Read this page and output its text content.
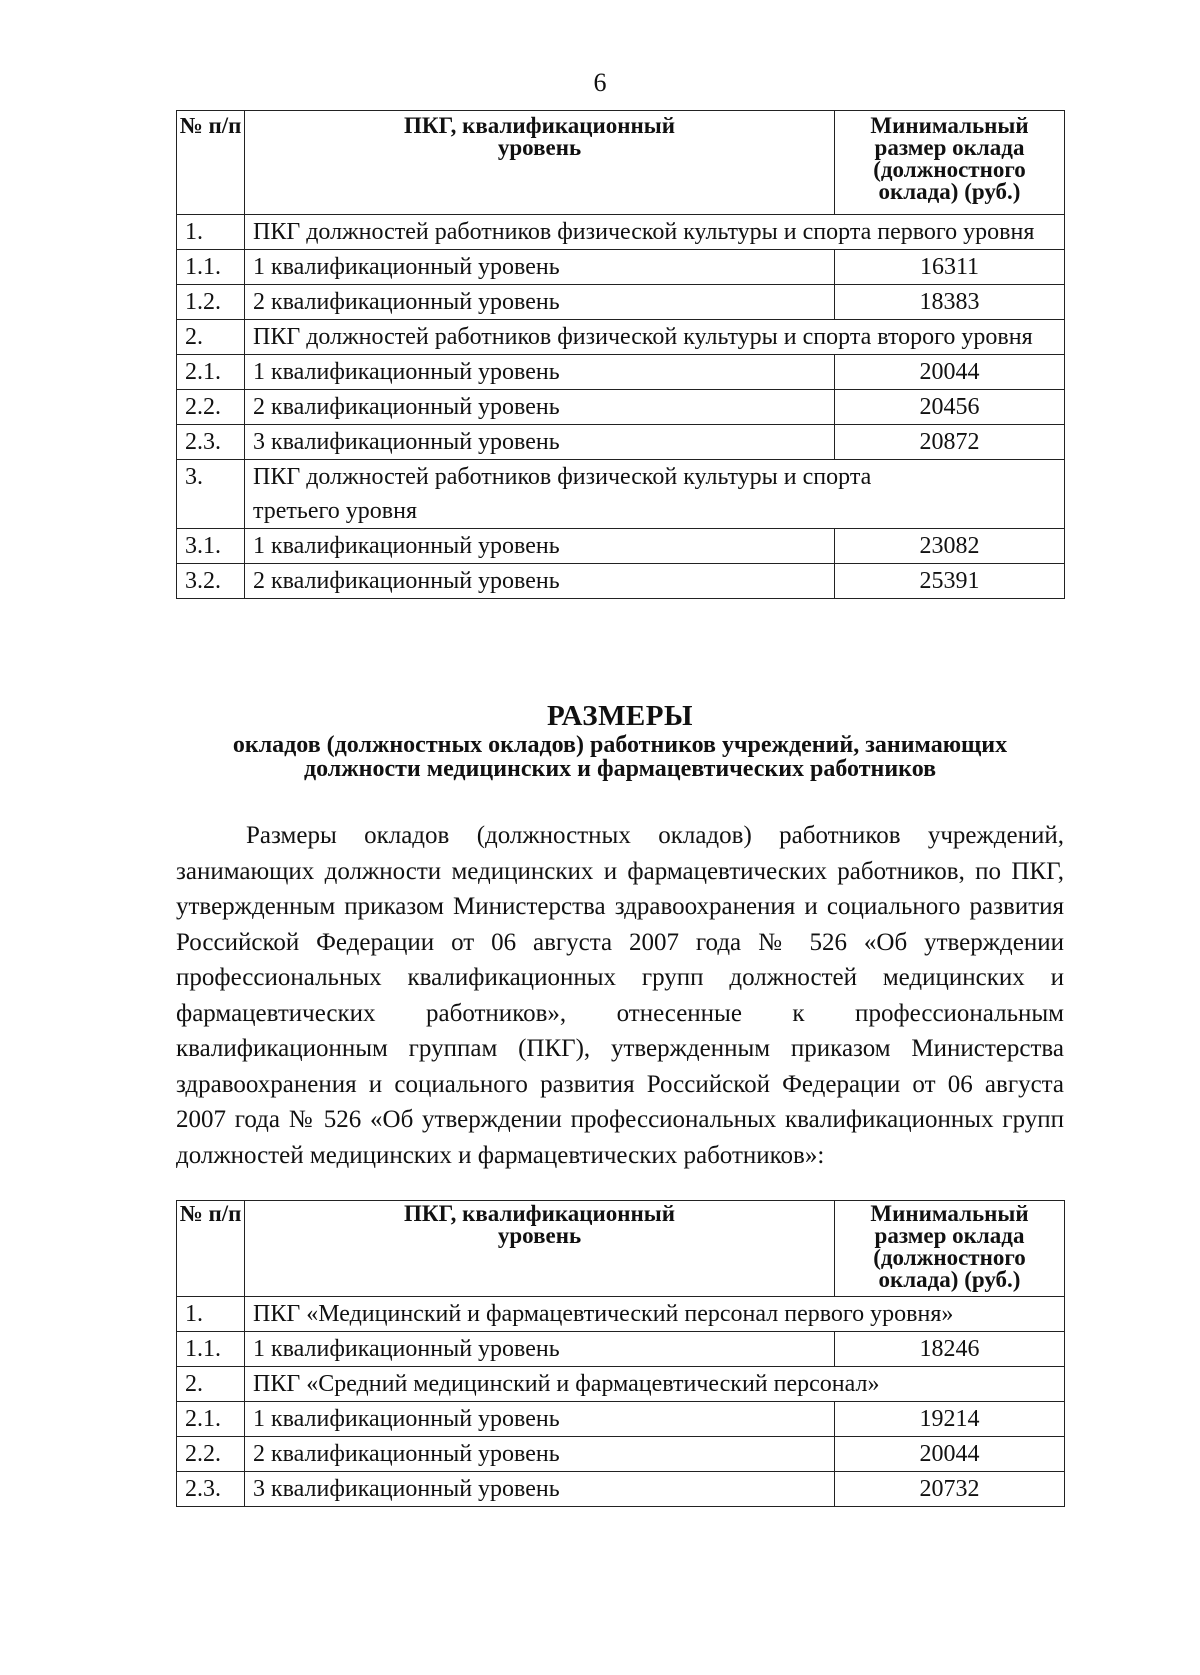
6
№ п/п	ПКГ, квалификационный уровень	Минимальный размер оклада (должностного оклада) (руб.)
1.	ПКГ должностей работников физической культуры и спорта первого уровня	
1.1.	1 квалификационный уровень	16311
1.2.	2 квалификационный уровень	18383
2.	ПКГ должностей работников физической культуры и спорта второго уровня	
2.1.	1 квалификационный уровень	20044
2.2.	2 квалификационный уровень	20456
2.3.	3 квалификационный уровень	20872
3.	ПКГ должностей работников физической культуры и спорта третьего уровня	
3.1.	1 квалификационный уровень	23082
3.2.	2 квалификационный уровень	25391
РАЗМЕРЫ
окладов (должностных окладов) работников учреждений, занимающих должности медицинских и фармацевтических работников
Размеры окладов (должностных окладов) работников учреждений, занимающих должности медицинских и фармацевтических работников, по ПКГ, утвержденным приказом Министерства здравоохранения и социального развития Российской Федерации от 06 августа 2007 года № 526 «Об утверждении профессиональных квалификационных групп должностей медицинских и фармацевтических работников», отнесенные к профессиональным квалификационным группам (ПКГ), утвержденным приказом Министерства здравоохранения и социального развития Российской Федерации от 06 августа 2007 года № 526 «Об утверждении профессиональных квалификационных групп должностей медицинских и фармацевтических работников»:
№ п/п	ПКГ, квалификационный уровень	Минимальный размер оклада (должностного оклада) (руб.)
1.	ПКГ «Медицинский и фармацевтический персонал первого уровня»	
1.1.	1 квалификационный уровень	18246
2.	ПКГ «Средний медицинский и фармацевтический персонал»	
2.1.	1 квалификационный уровень	19214
2.2.	2 квалификационный уровень	20044
2.3.	3 квалификационный уровень	20732
